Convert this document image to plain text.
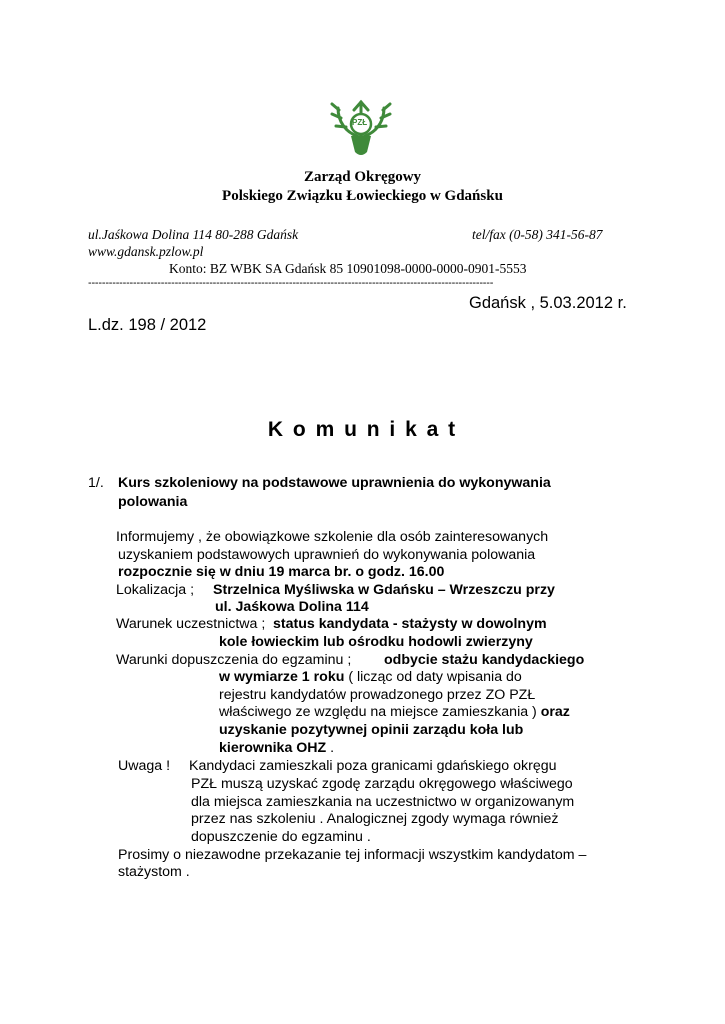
PZŁ
Zarząd Okręgowy
Polskiego Związku Łowieckiego w Gdańsku
ul.Jaśkowa Dolina 114 80-288 Gdańsk	tel/fax (0-58) 341-56-87
www.gdansk.pzlow.pl
Konto: BZ WBK SA Gdańsk 85 10901098-0000-0000-0901-5553
---------------------------------------------------------------------------------------------------------------------
Gdańsk , 5.03.2012 r.
L.dz. 198 / 2012
K o m u n i k a t
1/. Kurs szkoleniowy na podstawowe uprawnienia do wykonywania
polowania
Informujemy , że obowiązkowe szkolenie dla osób zainteresowanych
uzyskaniem podstawowych uprawnień do wykonywania polowania
rozpocznie się w dniu 19 marca br. o godz. 16.00
Lokalizacja ; Strzelnica Myśliwska w Gdańsku – Wrzeszczu przy
ul. Jaśkowa Dolina 114
Warunek uczestnictwa ; status kandydata - stażysty w dowolnym
kole łowieckim lub ośrodku hodowli zwierzyny
Warunki dopuszczenia do egzaminu ; odbycie stażu kandydackiego
w wymiarze 1 roku ( licząc od daty wpisania do
rejestru kandydatów prowadzonego przez ZO PZŁ
właściwego ze względu na miejsce zamieszkania ) oraz
uzyskanie pozytywnej opinii zarządu koła lub
kierownika OHZ .
Uwaga ! Kandydaci zamieszkali poza granicami gdańskiego okręgu
PZŁ muszą uzyskać zgodę zarządu okręgowego właściwego
dla miejsca zamieszkania na uczestnictwo w organizowanym
przez nas szkoleniu . Analogicznej zgody wymaga również
dopuszczenie do egzaminu .
Prosimy o niezawodne przekazanie tej informacji wszystkim kandydatom –
stażystom .
